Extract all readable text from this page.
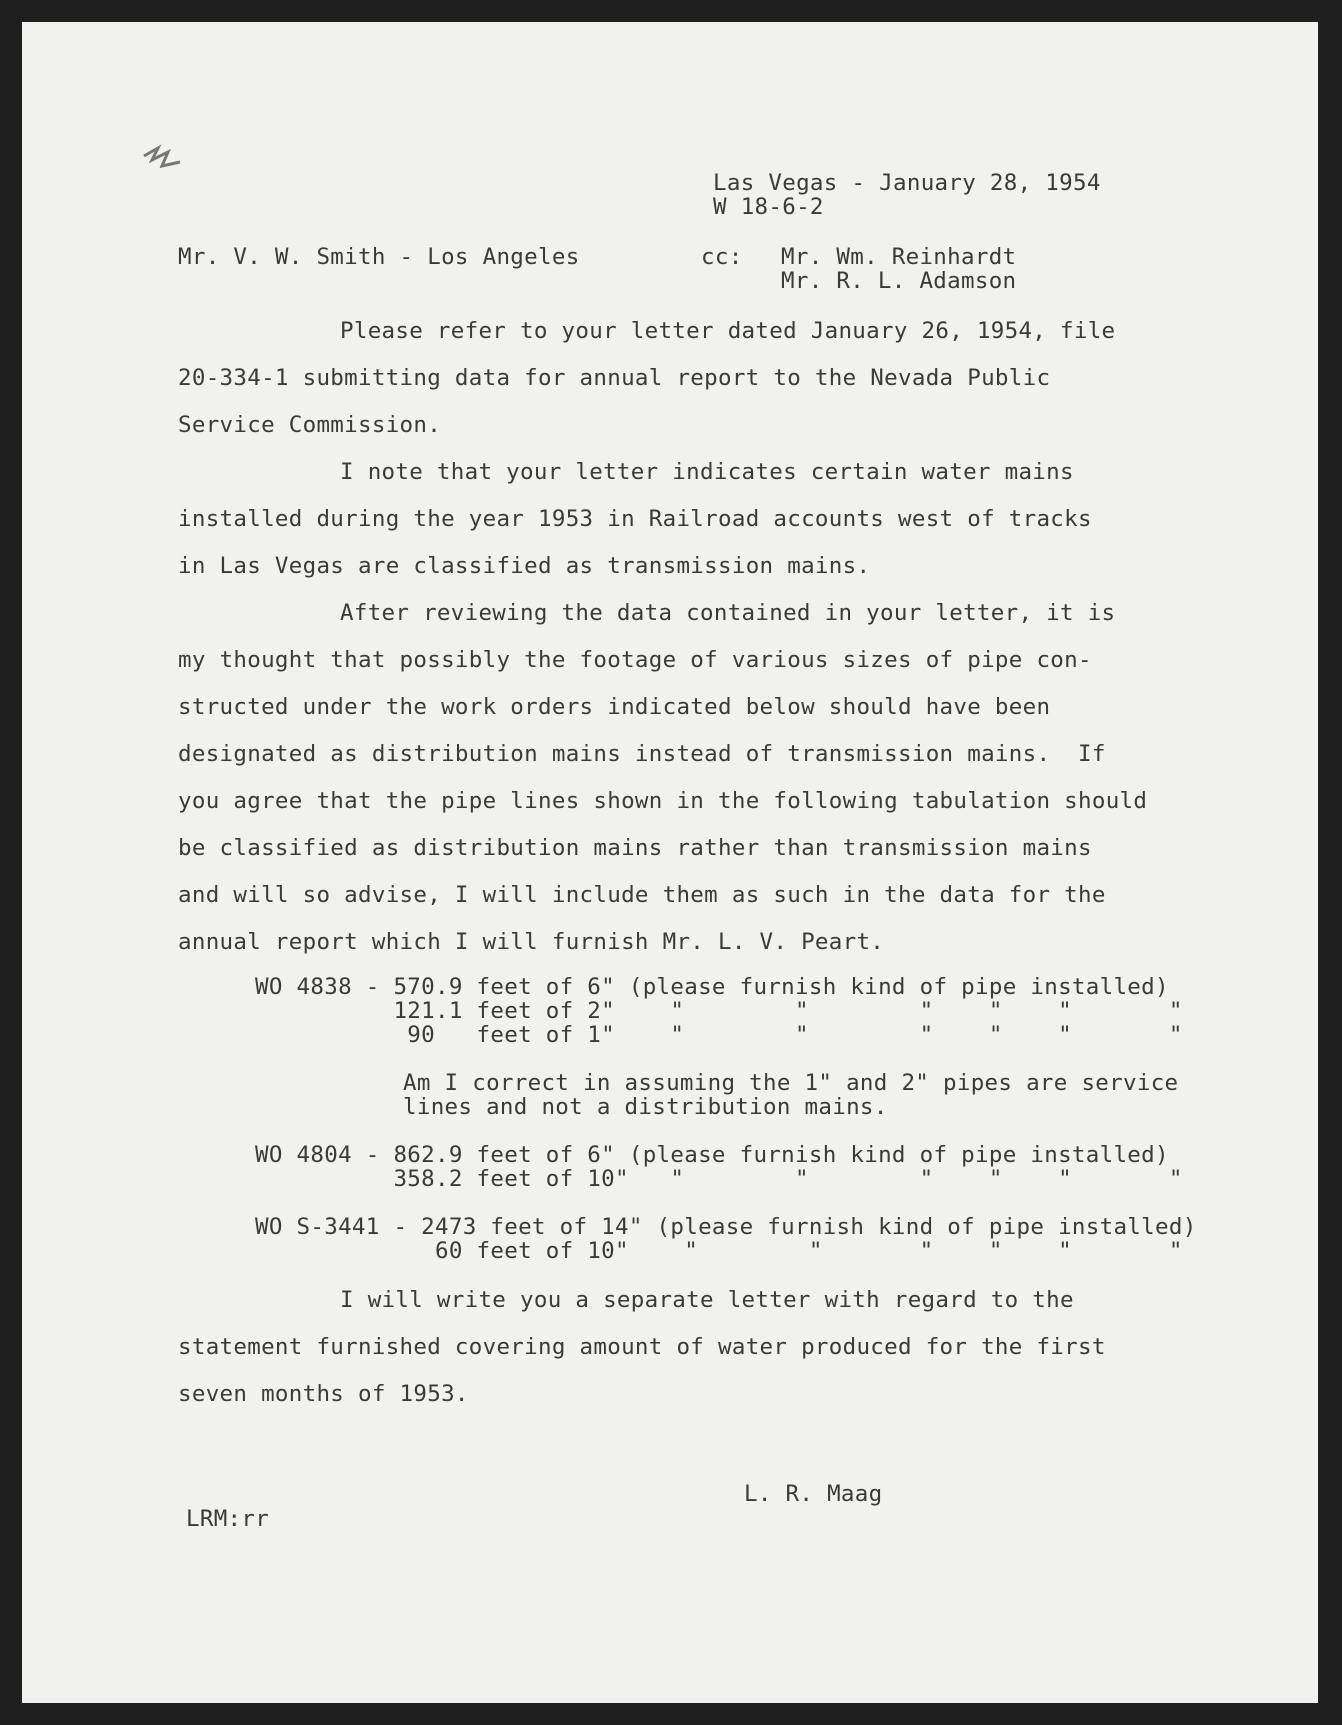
Las Vegas - January 28, 1954
W 18-6-2
Mr. V. W. Smith - Los Angeles	cc: Mr. Wm. Reinhardt
Mr. R. L. Adamson
Please refer to your letter dated January 26, 1954, file
20-334-1 submitting data for annual report to the Nevada Public
Service Commission.
I note that your letter indicates certain water mains
installed during the year 1953 in Railroad accounts west of tracks
in Las Vegas are classified as transmission mains.
After reviewing the data contained in your letter, it is
my thought that possibly the footage of various sizes of pipe con-
structed under the work orders indicated below should have been
designated as distribution mains instead of transmission mains.  If
you agree that the pipe lines shown in the following tabulation should
be classified as distribution mains rather than transmission mains
and will so advise, I will include them as such in the data for the
annual report which I will furnish Mr. L. V. Peart.
WO 4838 - 570.9 feet of 6" (please furnish kind of pipe installed)
121.1 feet of 2"    "        "        "    "    "       "
90   feet of 1"    "        "        "    "    "       "
Am I correct in assuming the 1" and 2" pipes are service
lines and not a distribution mains.
WO 4804 - 862.9 feet of 6" (please furnish kind of pipe installed)
358.2 feet of 10"   "        "        "    "    "       "
WO S-3441 - 2473 feet of 14" (please furnish kind of pipe installed)
60 feet of 10"    "        "       "    "    "       "
I will write you a separate letter with regard to the
statement furnished covering amount of water produced for the first
seven months of 1953.
L. R. Maag
LRM:rr
